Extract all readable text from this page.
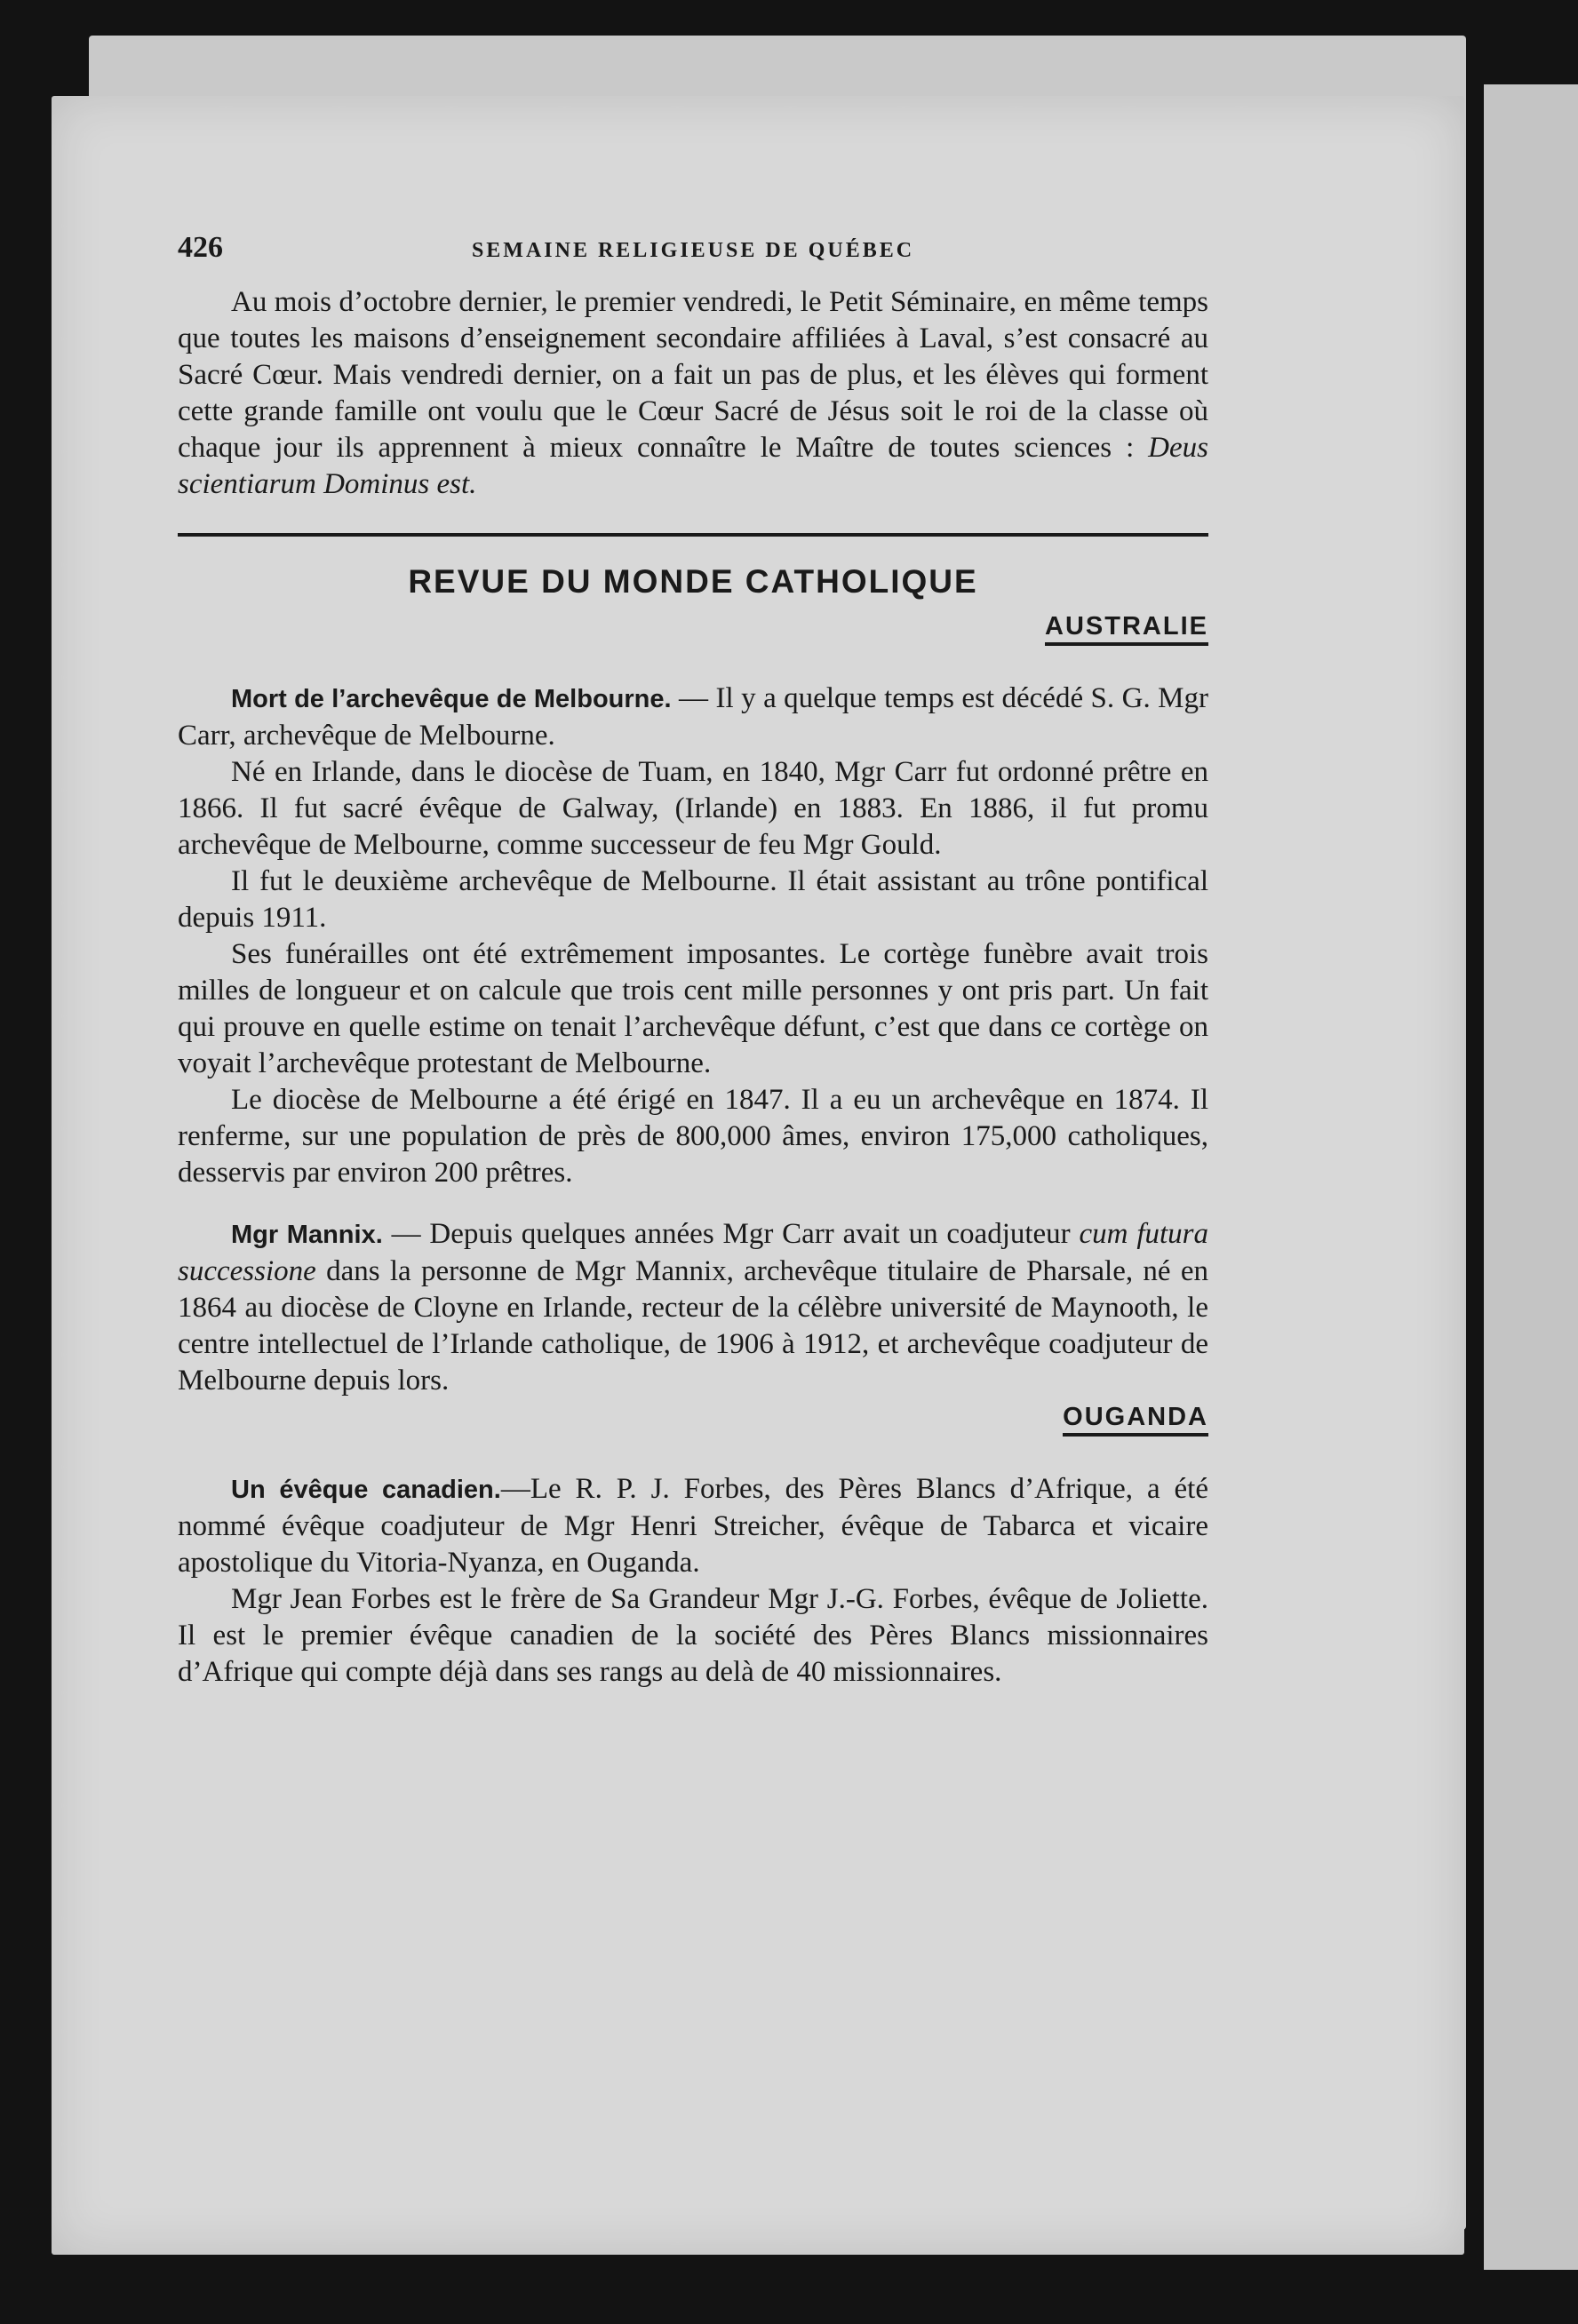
426	SEMAINE RELIGIEUSE DE QUÉBEC

Au mois d’octobre dernier, le premier vendredi, le Petit Séminaire, en même temps que toutes les maisons d’enseignement secondaire affiliées à Laval, s’est consacré au Sacré Cœur. Mais vendredi dernier, on a fait un pas de plus, et les élèves qui forment cette grande famille ont voulu que le Cœur Sacré de Jésus soit le roi de la classe où chaque jour ils apprennent à mieux connaître le Maître de toutes sciences : Deus scientiarum Dominus est.

REVUE DU MONDE CATHOLIQUE
AUSTRALIE

Mort de l’archevêque de Melbourne. — Il y a quelque temps est décédé S. G. Mgr Carr, archevêque de Melbourne.

Né en Irlande, dans le diocèse de Tuam, en 1840, Mgr Carr fut ordonné prêtre en 1866. Il fut sacré évêque de Galway, (Irlande) en 1883. En 1886, il fut promu archevêque de Melbourne, comme successeur de feu Mgr Gould.

Il fut le deuxième archevêque de Melbourne. Il était assistant au trône pontifical depuis 1911.

Ses funérailles ont été extrêmement imposantes. Le cortège funèbre avait trois milles de longueur et on calcule que trois cent mille personnes y ont pris part. Un fait qui prouve en quelle estime on tenait l’archevêque défunt, c’est que dans ce cortège on voyait l’archevêque protestant de Melbourne.

Le diocèse de Melbourne a été érigé en 1847. Il a eu un archevêque en 1874. Il renferme, sur une population de près de 800,000 âmes, environ 175,000 catholiques, desservis par environ 200 prêtres.

Mgr Mannix. — Depuis quelques années Mgr Carr avait un coadjuteur cum futura successione dans la personne de Mgr Mannix, archevêque titulaire de Pharsale, né en 1864 au diocèse de Cloyne en Irlande, recteur de la célèbre université de Maynooth, le centre intellectuel de l’Irlande catholique, de 1906 à 1912, et archevêque coadjuteur de Melbourne depuis lors.

OUGANDA

Un évêque canadien.—Le R. P. J. Forbes, des Pères Blancs d’Afrique, a été nommé évêque coadjuteur de Mgr Henri Streicher, évêque de Tabarca et vicaire apostolique du Vitoria-Nyanza, en Ouganda.

Mgr Jean Forbes est le frère de Sa Grandeur Mgr J.-G. Forbes, évêque de Joliette. Il est le premier évêque canadien de la société des Pères Blancs missionnaires d’Afrique qui compte déjà dans ses rangs au delà de 40 missionnaires.
